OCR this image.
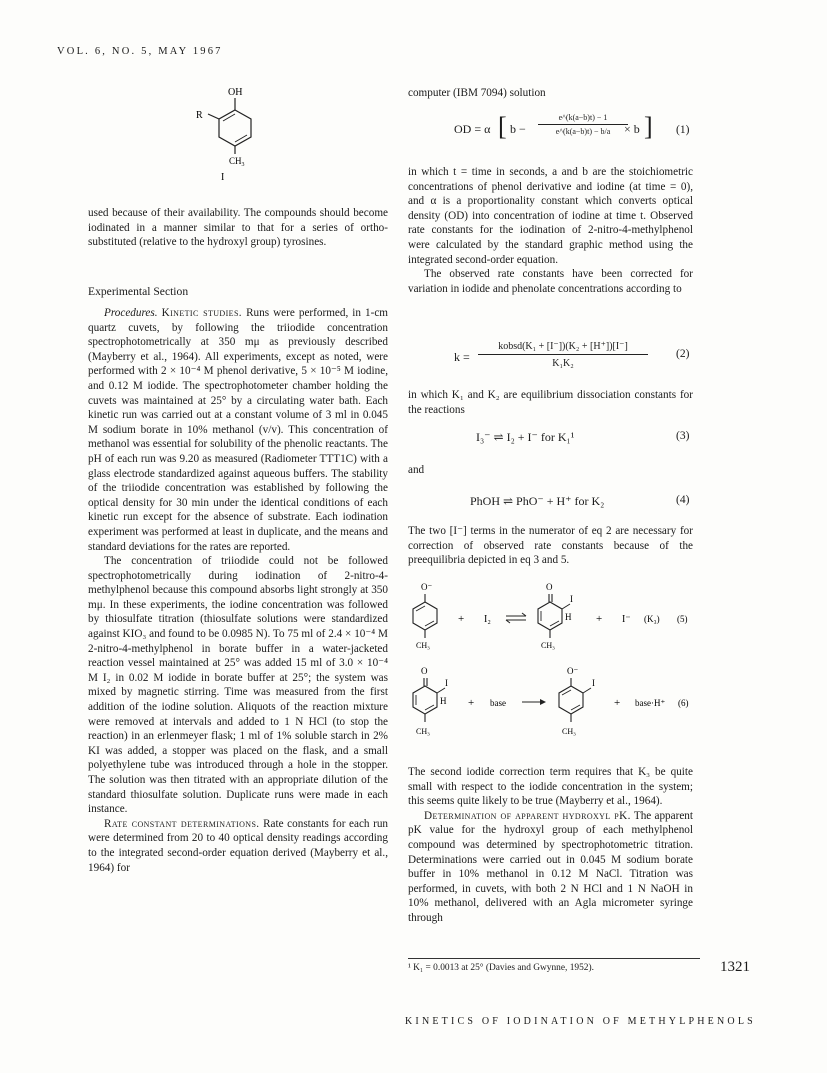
VOL. 6, NO. 5, MAY 1967
OH
R
$CH_3$
I

used because of their availability. The compounds should become iodinated in a manner similar to that for a series of ortho-substituted (relative to the hydroxyl group) tyrosines.

Experimental Section

Procedures. Kinetic studies. Runs were performed, in 1-cm quartz cuvets, by following the triiodide concentration spectrophotometrically at 350 mμ as previously described (Mayberry et al., 1964). All experiments, except as noted, were performed with 2 × 10⁻⁴ M phenol derivative, 5 × 10⁻⁵ M iodine, and 0.12 M iodide. The spectrophotometer chamber holding the cuvets was maintained at 25° by a circulating water bath. Each kinetic run was carried out at a constant volume of 3 ml in 0.045 M sodium borate in 10% methanol (v/v). This concentration of methanol was essential for solubility of the phenolic reactants. The pH of each run was 9.20 as measured (Radiometer TTT1C) with a glass electrode standardized against aqueous buffers. The stability of the triiodide concentration was established by following the optical density for 30 min under the identical conditions of each kinetic run except for the absence of substrate. Each iodination experiment was performed at least in duplicate, and the means and standard deviations for the rates are reported.

The concentration of triiodide could not be followed spectrophotometrically during iodination of 2-nitro-4-methylphenol because this compound absorbs light strongly at 350 mμ. In these experiments, the iodine concentration was followed by thiosulfate titration (thiosulfate solutions were standardized against KIO₃ and found to be 0.0985 N). To 75 ml of 2.4 × 10⁻⁴ M 2-nitro-4-methylphenol in borate buffer in a water-jacketed reaction vessel maintained at 25° was added 15 ml of 3.0 × 10⁻⁴ M I₂ in 0.02 M iodide in borate buffer at 25°; the system was mixed by magnetic stirring. Time was measured from the first addition of the iodine solution. Aliquots of the reaction mixture were removed at intervals and added to 1 N HCl (to stop the reaction) in an erlenmeyer flask; 1 ml of 1% soluble starch in 2% KI was added, a stopper was placed on the flask, and a small polyethylene tube was introduced through a hole in the stopper. The solution was then titrated with an appropriate dilution of the standard thiosulfate solution. Duplicate runs were made in each instance.

Rate constant determinations. Rate constants for each run were determined from 20 to 40 optical density readings according to the integrated second-order equation derived (Mayberry et al., 1964) for

computer (IBM 7094) solution

OD = α [ b −
e^(k(a−b)t) − 1
e^(k(a−b)t) − b/a	× b ] (1)

in which t = time in seconds, a and b are the stoichiometric concentrations of phenol derivative and iodine (at time = 0), and α is a proportionality constant which converts optical density (OD) into concentration of iodine at time t. Observed rate constants for the iodination of 2-nitro-4-methylphenol were calculated by the standard graphic method using the integrated second-order equation.

The observed rate constants have been corrected for variation in iodide and phenolate concentrations according to

k =
kobsd(K₁ + [I⁻])(K₂ + [H⁺])[I⁻]
K₁K₂
(2)

in which K₁ and K₂ are equilibrium dissociation constants for the reactions

I₃⁻ ⇌ I₂ + I⁻ for K₁¹	(3)

and

PhOH ⇌ PhO⁻ + H⁺ for K₂	(4)

The two [I⁻] terms in the numerator of eq 2 are necessary for correction of observed rate constants because of the preequilibria depicted in eq 3 and 5.

O⁻
CH₃
+ I₂
O
I
H
CH₃
+ I⁻ (K₃) (5)
O
I
H
CH₃
+ base
O⁻
I
CH₃
+ base·H⁺ (6)

The second iodide correction term requires that K₃ be quite small with respect to the iodide concentration in the system; this seems quite likely to be true (Mayberry et al., 1964).

Determination of apparent hydroxyl pK. The apparent pK value for the hydroxyl group of each methylphenol compound was determined by spectrophotometric titration. Determinations were carried out in 0.045 M sodium borate buffer in 10% methanol in 0.12 M NaCl. Titration was performed, in cuvets, with both 2 N HCl and 1 N NaOH in 10% methanol, delivered with an Agla micrometer syringe through

¹ K₁ = 0.0013 at 25° (Davies and Gwynne, 1952).	1321
KINETICS OF IODINATION OF METHYLPHENOLS
